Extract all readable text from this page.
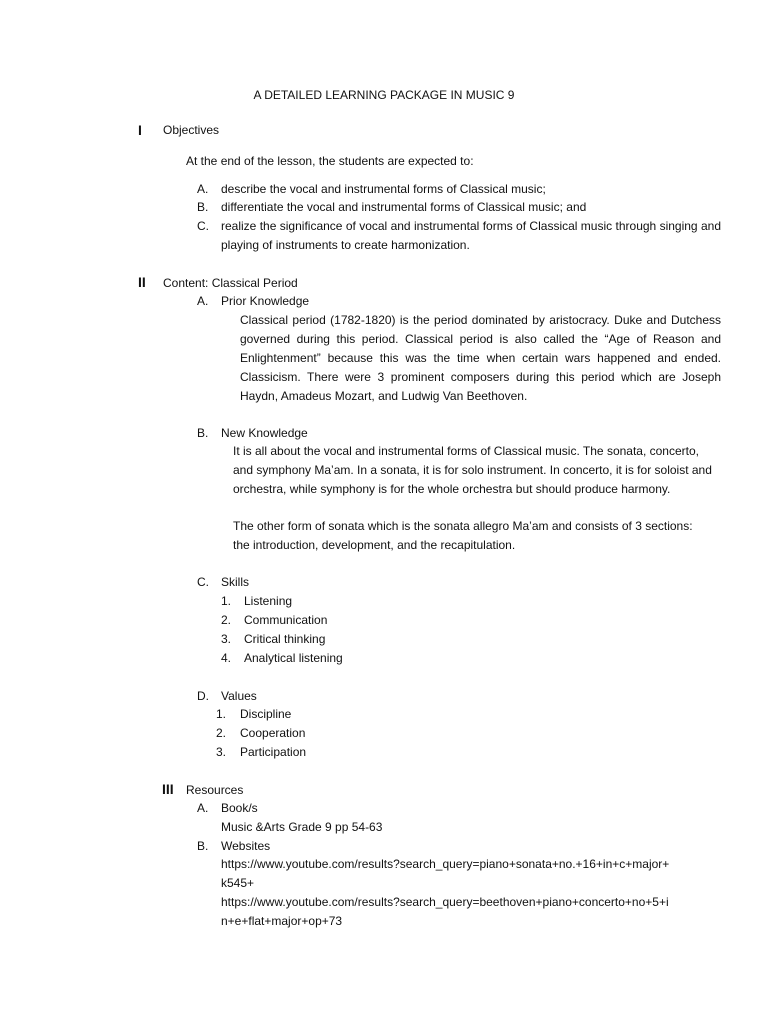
A DETAILED LEARNING PACKAGE IN MUSIC 9
I Objectives
At the end of the lesson, the students are expected to:
A. describe the vocal and instrumental forms of Classical music;
B. differentiate the vocal and instrumental forms of Classical music; and
C. realize the significance of vocal and instrumental forms of Classical music through singing and playing of instruments to create harmonization.
II Content: Classical Period
A. Prior Knowledge
Classical period (1782-1820) is the period dominated by aristocracy. Duke and Dutchess governed during this period. Classical period is also called the “Age of Reason and Enlightenment” because this was the time when certain wars happened and ended. Classicism. There were 3 prominent composers during this period which are Joseph Haydn, Amadeus Mozart, and Ludwig Van Beethoven.
B. New Knowledge
It is all about the vocal and instrumental forms of Classical music. The sonata, concerto, and symphony Ma’am. In a sonata, it is for solo instrument. In concerto, it is for soloist and orchestra, while symphony is for the whole orchestra but should produce harmony.
The other form of sonata which is the sonata allegro Ma’am and consists of 3 sections: the introduction, development, and the recapitulation.
C. Skills
1. Listening
2. Communication
3. Critical thinking
4. Analytical listening
D. Values
1. Discipline
2. Cooperation
3. Participation
III Resources
A. Book/s
Music &Arts Grade 9 pp 54-63
B. Websites
https://www.youtube.com/results?search_query=piano+sonata+no.+16+in+c+major+
k545+
https://www.youtube.com/results?search_query=beethoven+piano+concerto+no+5+i
n+e+flat+major+op+73
